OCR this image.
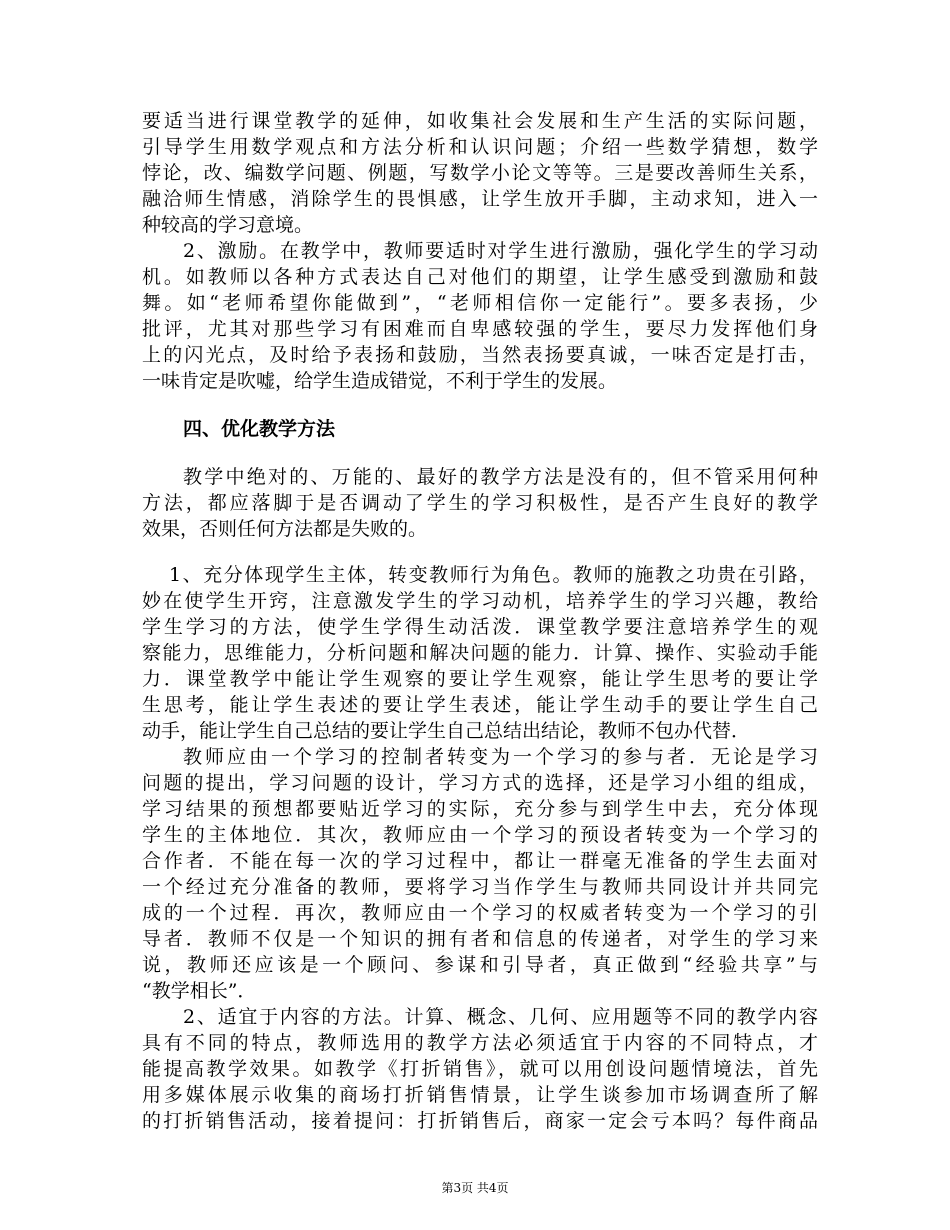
要适当进行课堂教学的延伸，如收集社会发展和生产生活的实际问题，
引导学生用数学观点和方法分析和认识问题；介绍一些数学猜想，数学
悖论，改、编数学问题、例题，写数学小论文等等。三是要改善师生关系，
融洽师生情感，消除学生的畏惧感，让学生放开手脚，主动求知，进入一
种较高的学习意境。
2、激励。在教学中，教师要适时对学生进行激励，强化学生的学习动
机。如教师以各种方式表达自己对他们的期望，让学生感受到激励和鼓
舞。如“老师希望你能做到”，“老师相信你一定能行”。要多表扬，少
批评，尤其对那些学习有困难而自卑感较强的学生，要尽力发挥他们身
上的闪光点，及时给予表扬和鼓励，当然表扬要真诚，一味否定是打击，
一味肯定是吹嘘，给学生造成错觉，不利于学生的发展。
四、优化教学方法
教学中绝对的、万能的、最好的教学方法是没有的，但不管采用何种
方法，都应落脚于是否调动了学生的学习积极性，是否产生良好的教学
效果，否则任何方法都是失败的。
1、充分体现学生主体，转变教师行为角色。教师的施教之功贵在引路，
妙在使学生开窍，注意激发学生的学习动机，培养学生的学习兴趣，教给
学生学习的方法，使学生学得生动活泼．课堂教学要注意培养学生的观
察能力，思维能力，分析问题和解决问题的能力．计算、操作、实验动手能
力．课堂教学中能让学生观察的要让学生观察，能让学生思考的要让学
生思考，能让学生表述的要让学生表述，能让学生动手的要让学生自己
动手，能让学生自己总结的要让学生自己总结出结论，教师不包办代替．
教师应由一个学习的控制者转变为一个学习的参与者．无论是学习
问题的提出，学习问题的设计，学习方式的选择，还是学习小组的组成，
学习结果的预想都要贴近学习的实际，充分参与到学生中去，充分体现
学生的主体地位．其次，教师应由一个学习的预设者转变为一个学习的
合作者．不能在每一次的学习过程中，都让一群毫无准备的学生去面对
一个经过充分准备的教师，要将学习当作学生与教师共同设计并共同完
成的一个过程．再次，教师应由一个学习的权威者转变为一个学习的引
导者．教师不仅是一个知识的拥有者和信息的传递者，对学生的学习来
说，教师还应该是一个顾问、参谋和引导者，真正做到“经验共享”与
“教学相长”．
2、适宜于内容的方法。计算、概念、几何、应用题等不同的教学内容
具有不同的特点，教师选用的教学方法必须适宜于内容的不同特点，才
能提高教学效果。如教学《打折销售》，就可以用创设问题情境法，首先
用多媒体展示收集的商场打折销售情景，让学生谈参加市场调查所了解
的打折销售活动，接着提问：打折销售后，商家一定会亏本吗？每件商品
第3页 共4页
